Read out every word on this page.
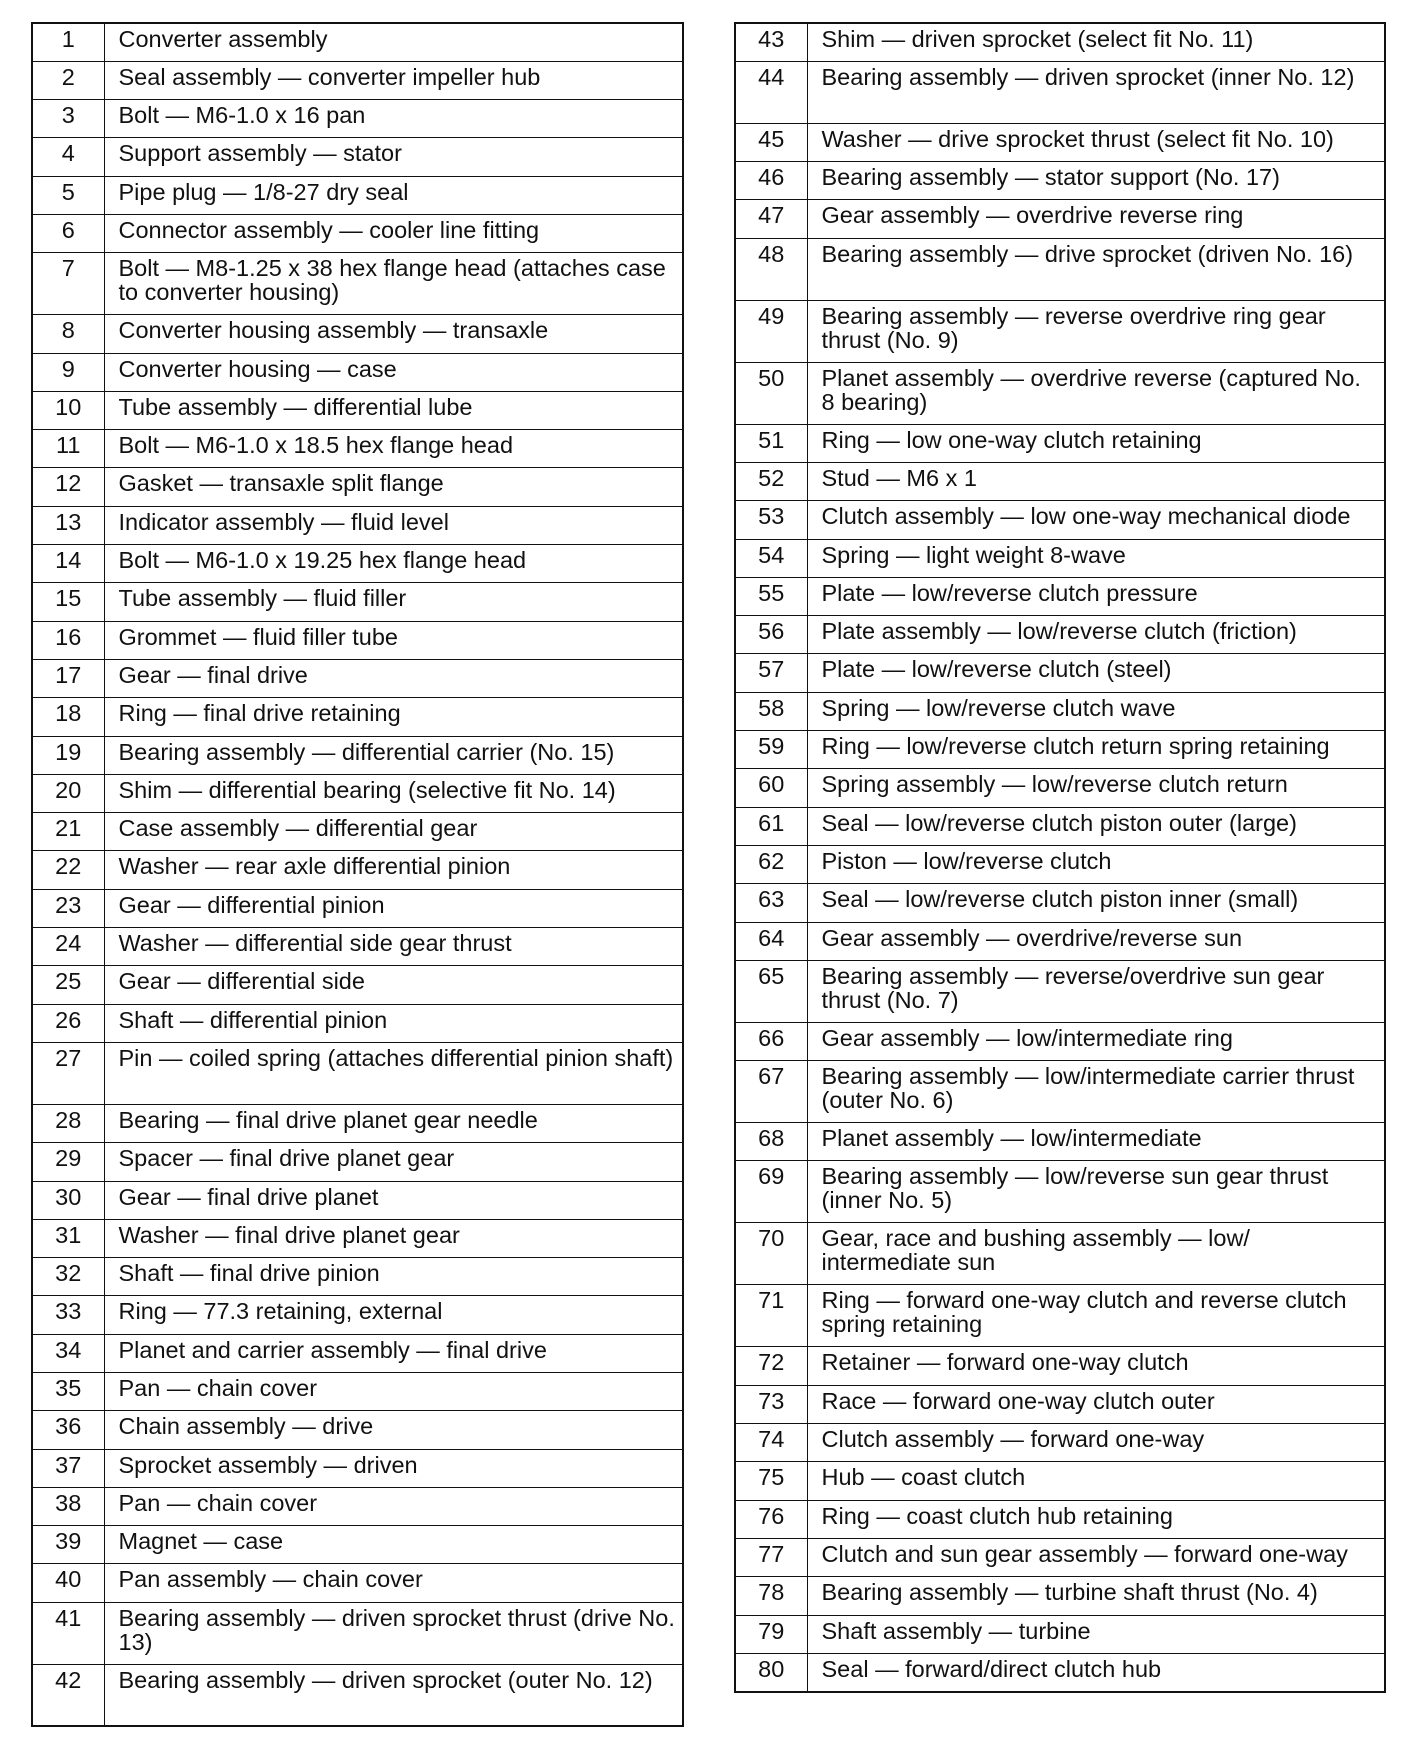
1	Converter assembly
2	Seal assembly — converter impeller hub
3	Bolt — M6-1.0 x 16 pan
4	Support assembly — stator
5	Pipe plug — 1/8-27 dry seal
6	Connector assembly — cooler line fitting
7	Bolt — M8-1.25 x 38 hex flange head (attaches case to converter housing)
8	Converter housing assembly — transaxle
9	Converter housing — case
10	Tube assembly — differential lube
11	Bolt — M6-1.0 x 18.5 hex flange head
12	Gasket — transaxle split flange
13	Indicator assembly — fluid level
14	Bolt — M6-1.0 x 19.25 hex flange head
15	Tube assembly — fluid filler
16	Grommet — fluid filler tube
17	Gear — final drive
18	Ring — final drive retaining
19	Bearing assembly — differential carrier (No. 15)
20	Shim — differential bearing (selective fit No. 14)
21	Case assembly — differential gear
22	Washer — rear axle differential pinion
23	Gear — differential pinion
24	Washer — differential side gear thrust
25	Gear — differential side
26	Shaft — differential pinion
27	Pin — coiled spring (attaches differential pinion shaft)
28	Bearing — final drive planet gear needle
29	Spacer — final drive planet gear
30	Gear — final drive planet
31	Washer — final drive planet gear
32	Shaft — final drive pinion
33	Ring — 77.3 retaining, external
34	Planet and carrier assembly — final drive
35	Pan — chain cover
36	Chain assembly — drive
37	Sprocket assembly — driven
38	Pan — chain cover
39	Magnet — case
40	Pan assembly — chain cover
41	Bearing assembly — driven sprocket thrust (drive No. 13)
42	Bearing assembly — driven sprocket (outer No. 12)
43	Shim — driven sprocket (select fit No. 11)
44	Bearing assembly — driven sprocket (inner No. 12)
45	Washer — drive sprocket thrust (select fit No. 10)
46	Bearing assembly — stator support (No. 17)
47	Gear assembly — overdrive reverse ring
48	Bearing assembly — drive sprocket (driven No. 16)
49	Bearing assembly — reverse overdrive ring gear thrust (No. 9)
50	Planet assembly — overdrive reverse (captured No. 8 bearing)
51	Ring — low one-way clutch retaining
52	Stud — M6 x 1
53	Clutch assembly — low one-way mechanical diode
54	Spring — light weight 8-wave
55	Plate — low/reverse clutch pressure
56	Plate assembly — low/reverse clutch (friction)
57	Plate — low/reverse clutch (steel)
58	Spring — low/reverse clutch wave
59	Ring — low/reverse clutch return spring retaining
60	Spring assembly — low/reverse clutch return
61	Seal — low/reverse clutch piston outer (large)
62	Piston — low/reverse clutch
63	Seal — low/reverse clutch piston inner (small)
64	Gear assembly — overdrive/reverse sun
65	Bearing assembly — reverse/overdrive sun gear thrust (No. 7)
66	Gear assembly — low/intermediate ring
67	Bearing assembly — low/intermediate carrier thrust (outer No. 6)
68	Planet assembly — low/intermediate
69	Bearing assembly — low/reverse sun gear thrust (inner No. 5)
70	Gear, race and bushing assembly — low/ intermediate sun
71	Ring — forward one-way clutch and reverse clutch spring retaining
72	Retainer — forward one-way clutch
73	Race — forward one-way clutch outer
74	Clutch assembly — forward one-way
75	Hub — coast clutch
76	Ring — coast clutch hub retaining
77	Clutch and sun gear assembly — forward one-way
78	Bearing assembly — turbine shaft thrust (No. 4)
79	Shaft assembly — turbine
80	Seal — forward/direct clutch hub
